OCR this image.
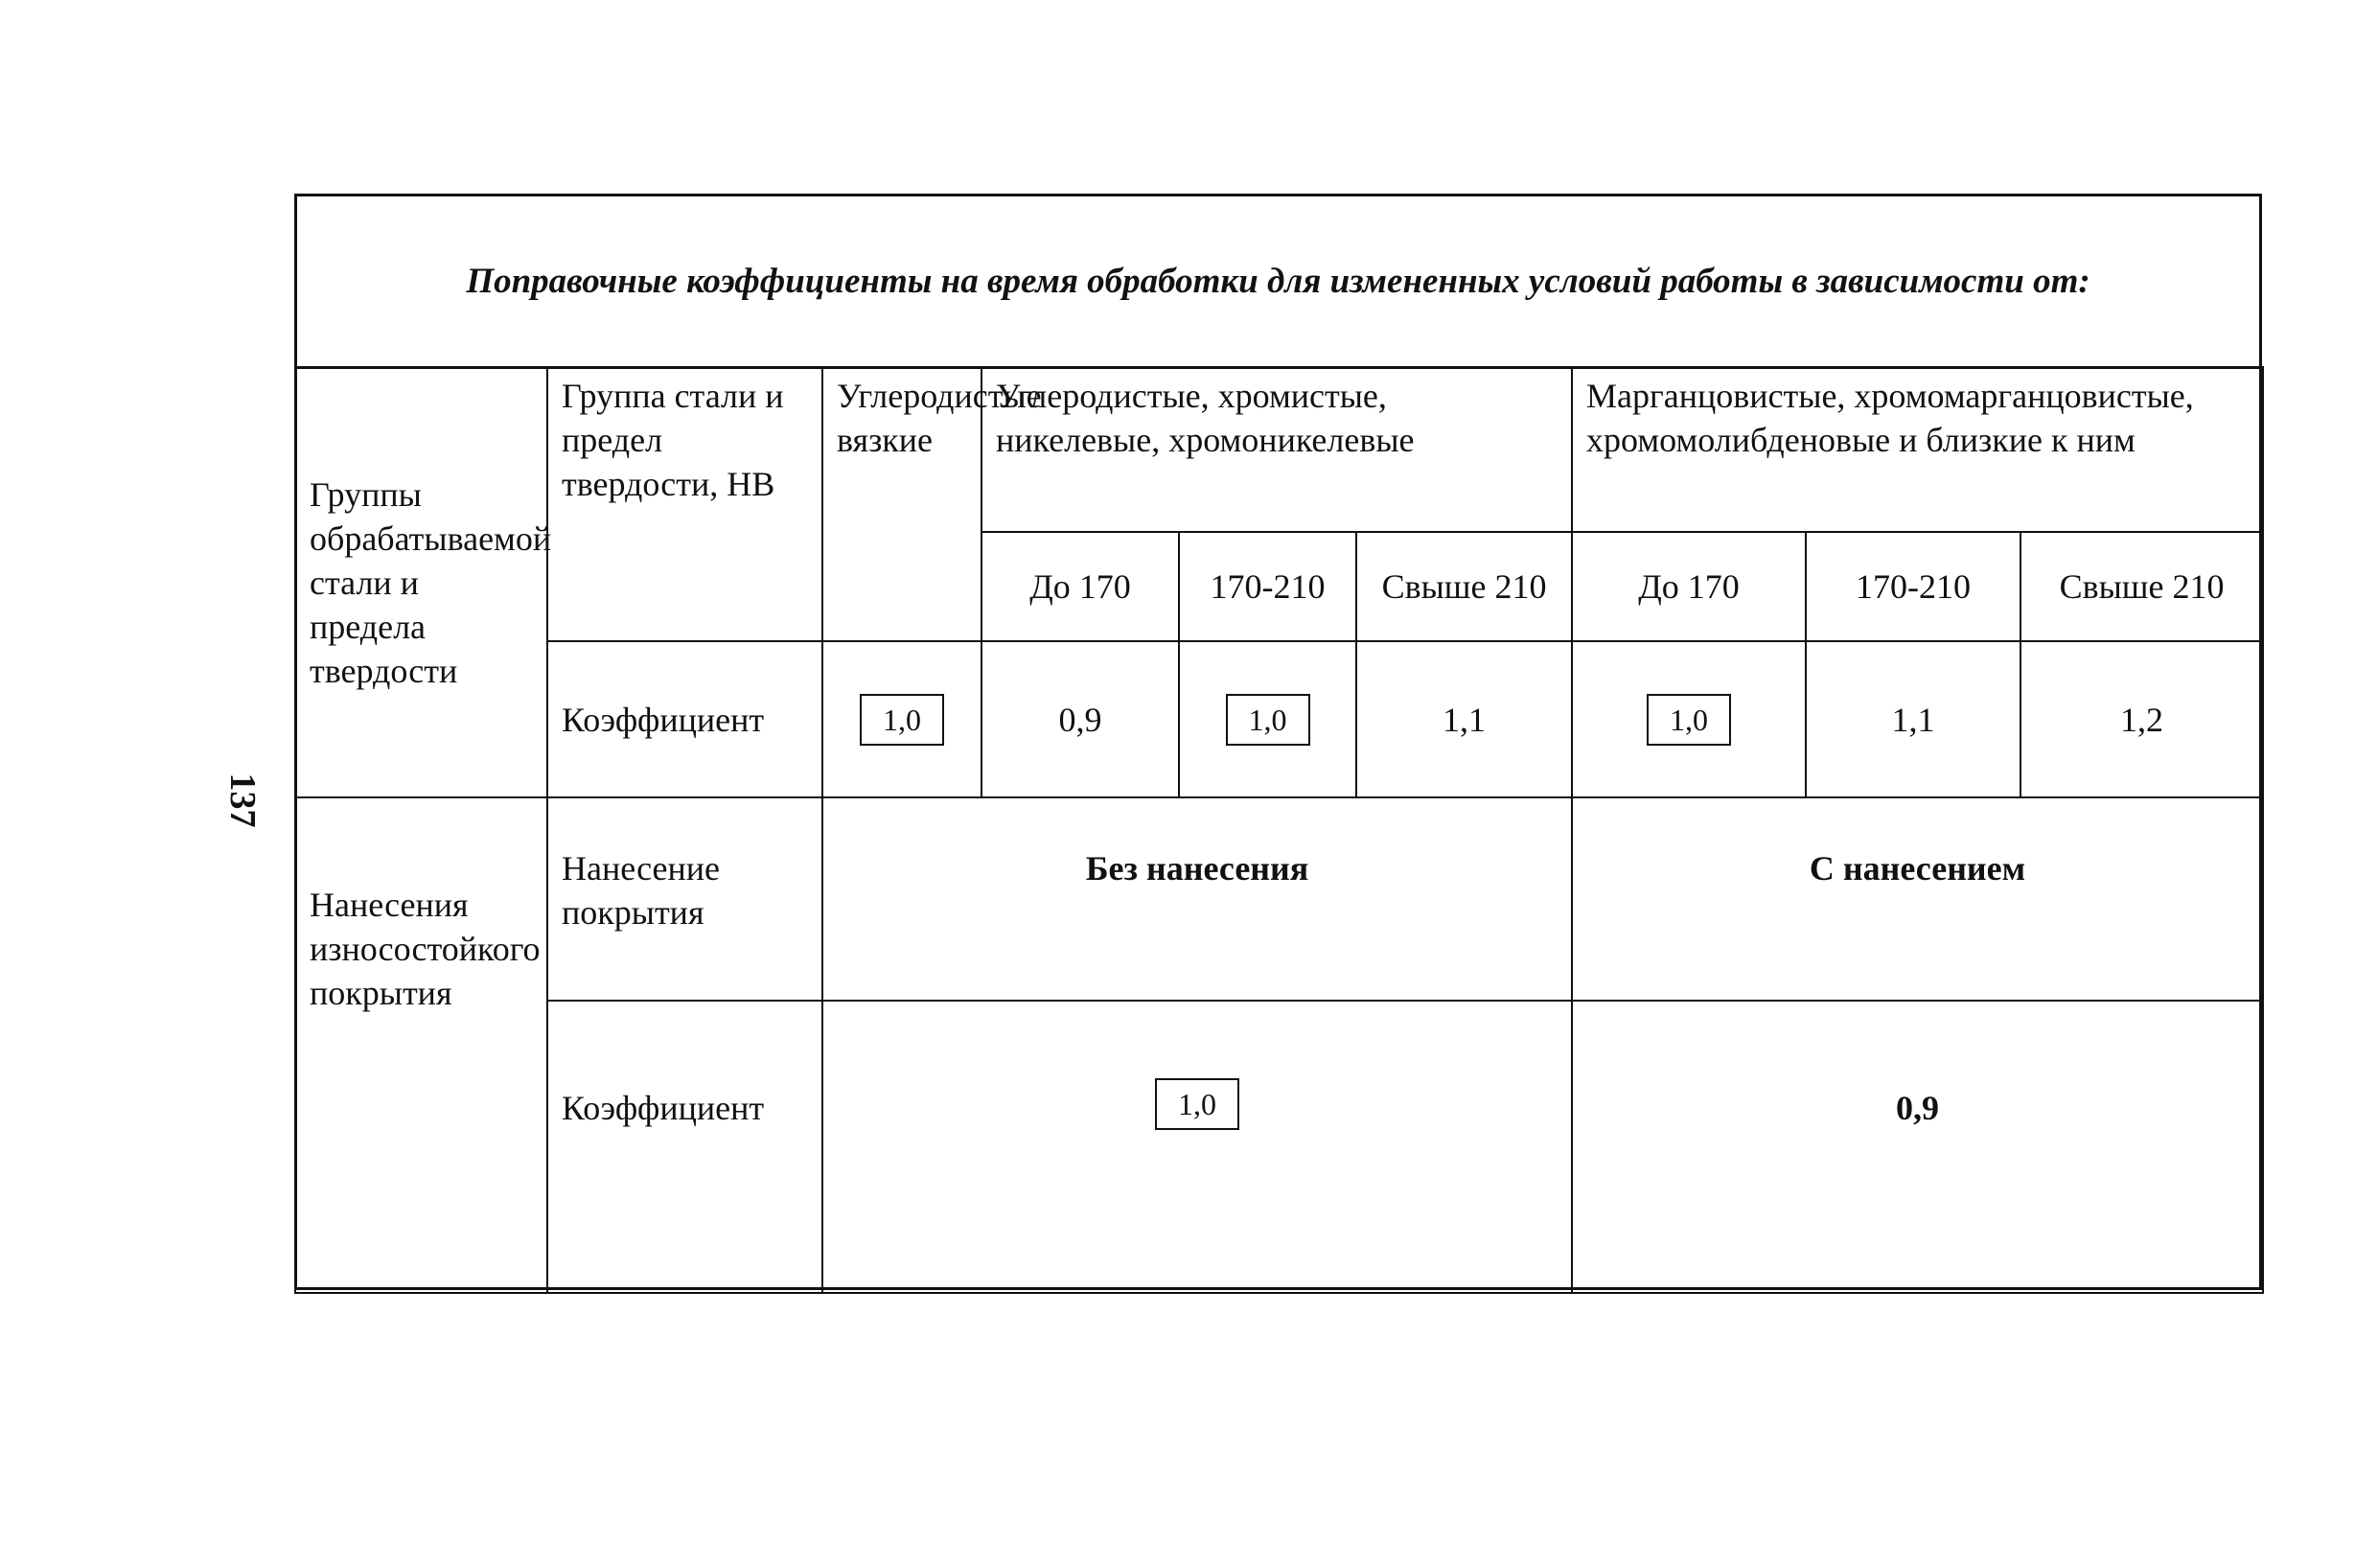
137
Поправочные коэффициенты на время обработки для измененных условий работы в зависимости от:
Группы обрабатываемой стали и предела твердости	Группа стали и предел твердости, НВ	Углеродистые вязкие	Углеродистые, хромистые, никелевые, хромоникелевые			Марганцовистые, хромомарганцовистые, хромомолибденовые и близкие к ним		
			До 170	170-210	Свыше 210	До 170	170-210	Свыше 210
	Коэффициент	1,0	0,9	1,0	1,1	1,0	1,1	1,2
Нанесения износостойкого покрытия	Нанесение покрытия	Без нанесения				С нанесением		
	Коэффициент	1,0				0,9		
